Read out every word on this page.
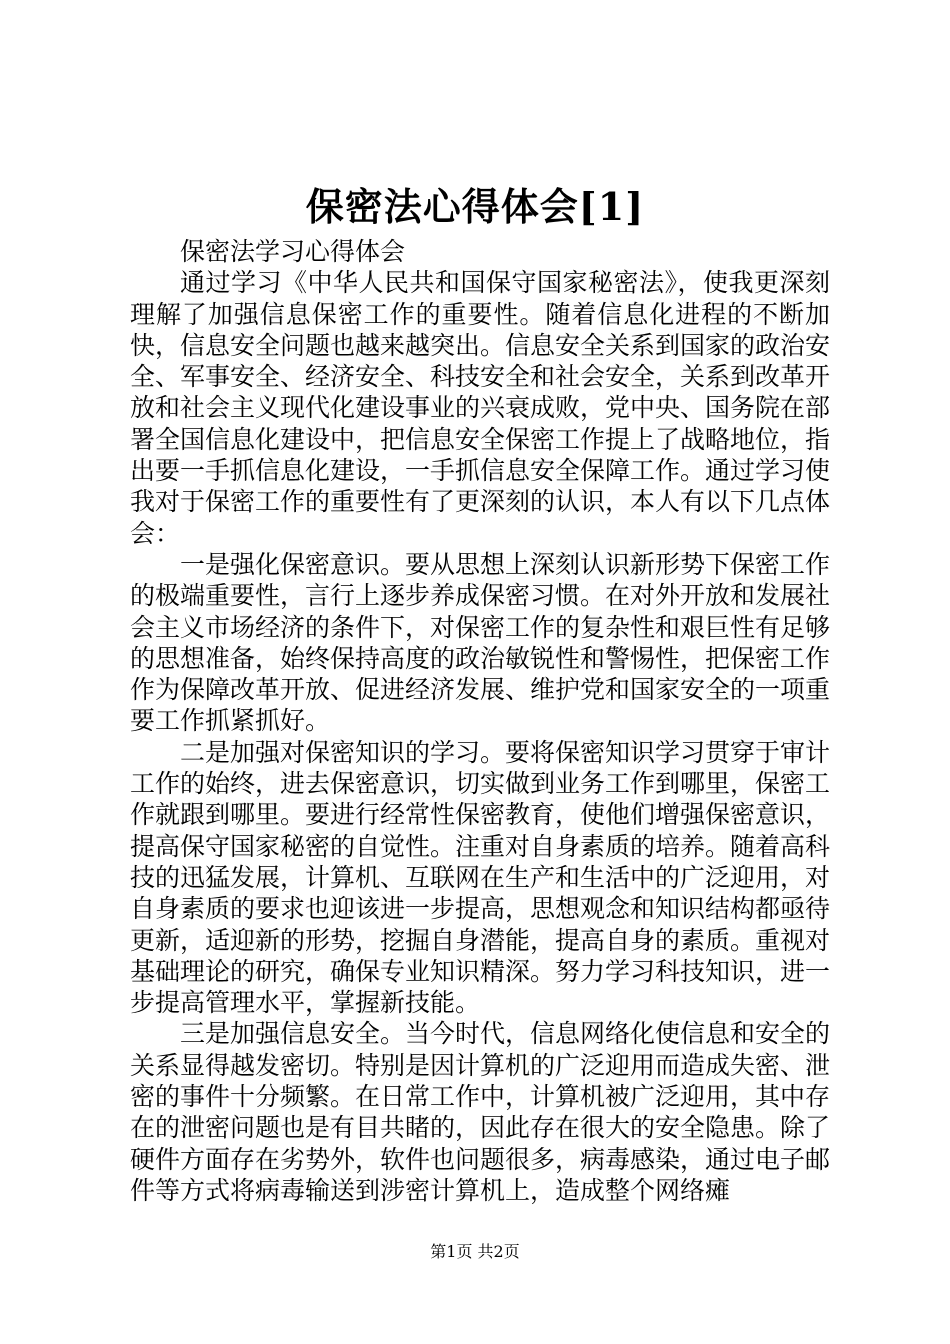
保密法心得体会[1]

保密法学习心得体会

通过学习《中华人民共和国保守国家秘密法》，使我更深刻理解了加强信息保密工作的重要性。随着信息化进程的不断加快，信息安全问题也越来越突出。信息安全关系到国家的政治安全、军事安全、经济安全、科技安全和社会安全，关系到改革开放和社会主义现代化建设事业的兴衰成败，党中央、国务院在部署全国信息化建设中，把信息安全保密工作提上了战略地位，指出要一手抓信息化建设，一手抓信息安全保障工作。通过学习使我对于保密工作的重要性有了更深刻的认识，本人有以下几点体会：

一是强化保密意识。要从思想上深刻认识新形势下保密工作的极端重要性，言行上逐步养成保密习惯。在对外开放和发展社会主义市场经济的条件下，对保密工作的复杂性和艰巨性有足够的思想准备，始终保持高度的政治敏锐性和警惕性，把保密工作作为保障改革开放、促进经济发展、维护党和国家安全的一项重要工作抓紧抓好。

二是加强对保密知识的学习。要将保密知识学习贯穿于审计工作的始终，进去保密意识，切实做到业务工作到哪里，保密工作就跟到哪里。要进行经常性保密教育，使他们增强保密意识，提高保守国家秘密的自觉性。注重对自身素质的培养。随着高科技的迅猛发展，计算机、互联网在生产和生活中的广泛迎用，对自身素质的要求也迎该进一步提高，思想观念和知识结构都亟待更新，适迎新的形势，挖掘自身潜能，提高自身的素质。重视对基础理论的研究，确保专业知识精深。努力学习科技知识，进一步提高管理水平，掌握新技能。

三是加强信息安全。当今时代，信息网络化使信息和安全的关系显得越发密切。特别是因计算机的广泛迎用而造成失密、泄密的事件十分频繁。在日常工作中，计算机被广泛迎用，其中存在的泄密问题也是有目共睹的，因此存在很大的安全隐患。除了硬件方面存在劣势外，软件也问题很多，病毒感染，通过电子邮件等方式将病毒输送到涉密计算机上，造成整个网络瘫

第1页 共2页
